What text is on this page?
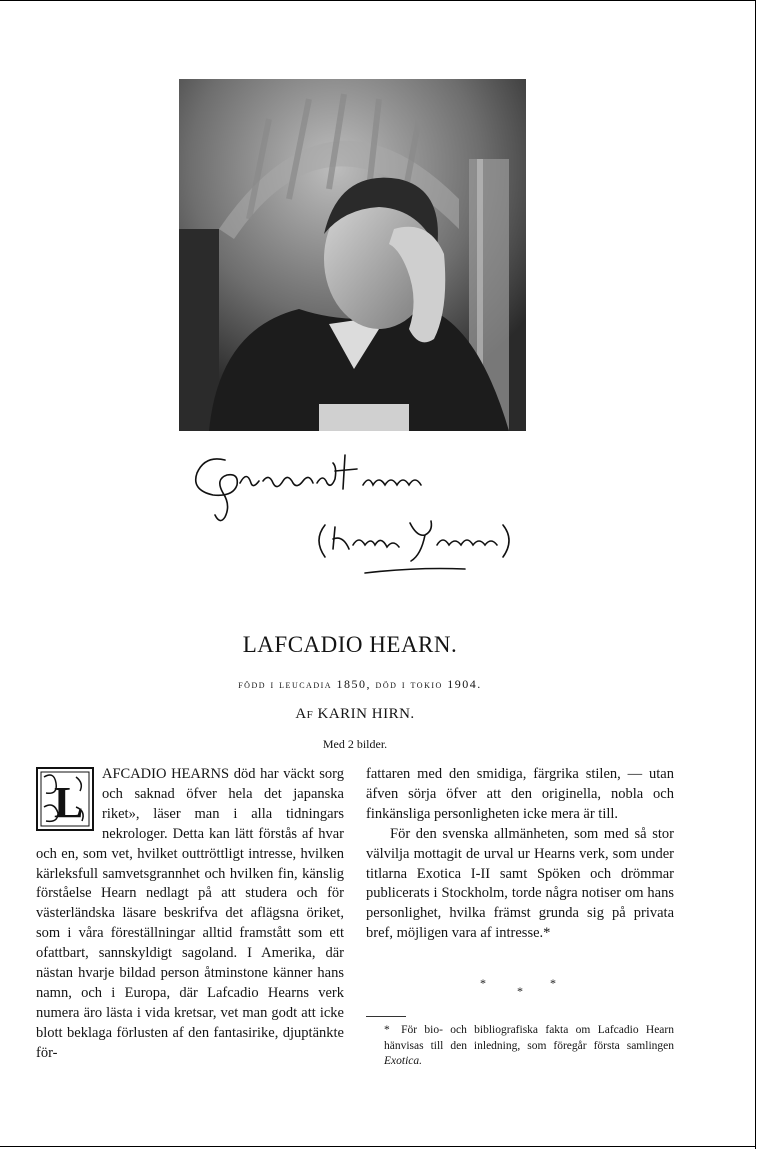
LAFCADIO HEARN.
född i leucadia 1850, död i tokio 1904.
Af KARIN HIRN.
Med 2 bilder.
L

AFCADIO HEARNS död har väckt sorg och saknad öfver hela det japanska riket», läser man i alla tidningars nekrologer. Detta kan lätt förstås af hvar och en, som vet, hvilket outtröttligt intresse, hvilken kärleksfull samvetsgrannhet och hvilken fin, känslig förståelse Hearn nedlagt på att studera och för västerländska läsare beskrifva det aflägsna öriket, som i våra föreställningar alltid framstått som ett ofattbart, sannskyldigt sagoland. I Amerika, där nästan hvarje bildad person åtminstone känner hans namn, och i Europa, där Lafcadio Hearns verk numera äro lästa i vida kretsar, vet man godt att icke blott beklaga förlusten af den fantasirike, djuptänkte för-

fattaren med den smidiga, färgrika stilen, — utan äfven sörja öfver att den originella, nobla och finkänsliga personligheten icke mera är till.

För den svenska allmänheten, som med så stor välvilja mottagit de urval ur Hearns verk, som under titlarna Exotica I-II samt Spöken och drömmar publicerats i Stockholm, torde några notiser om hans personlighet, hvilka främst grunda sig på privata bref, möjligen vara af intresse.*

*
*
*
* För bio- och bibliografiska fakta om Lafcadio Hearn hänvisas till den inledning, som föregår första samlingen Exotica.
